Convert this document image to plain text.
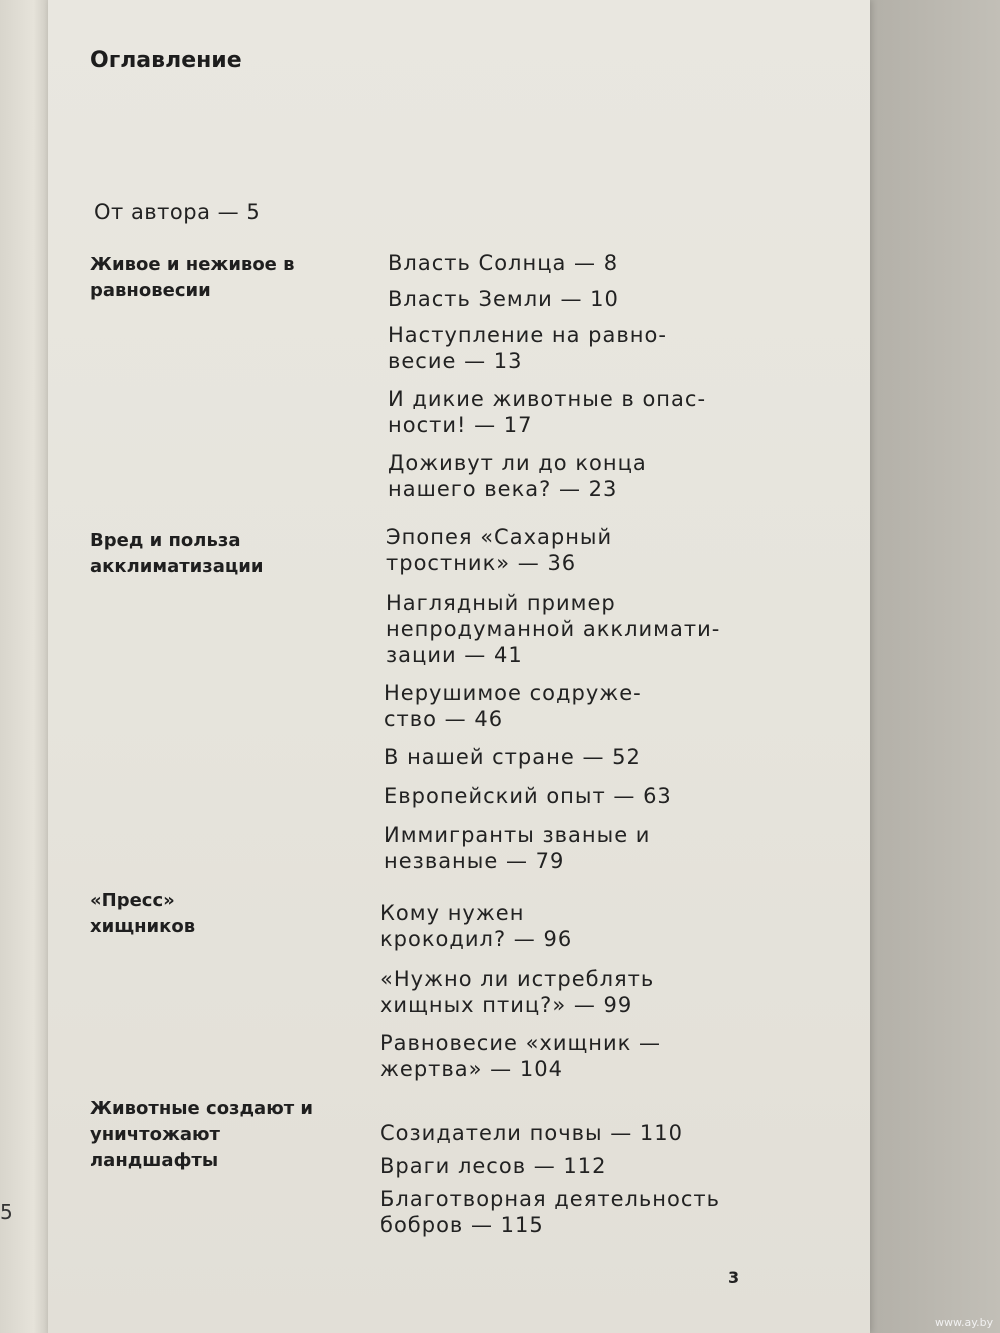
5
Оглавление
От автора — 5
Живое и неживое в равновесии
Власть Солнца — 8
Власть Земли — 10
Наступление на равно-
весие — 13
И дикие животные в опас-
ности! — 17
Доживут ли до конца
нашего века? — 23
Вред и польза акклиматизации
Эпопея «Сахарный
тростник» — 36
Наглядный пример
непродуманной акклимати-
зации — 41
Нерушимое содруже-
ство — 46
В нашей стране — 52
Европейский опыт — 63
Иммигранты званые и
незваные — 79
«Пресс» хищников
Кому нужен
крокодил? — 96
«Нужно ли истреблять
хищных птиц?» — 99
Равновесие «хищник —
жертва» — 104
Животные создают и уничтожают ландшафты
Созидатели почвы — 110
Враги лесов — 112
Благотворная деятельность
бобров — 115
3
www.ay.by
